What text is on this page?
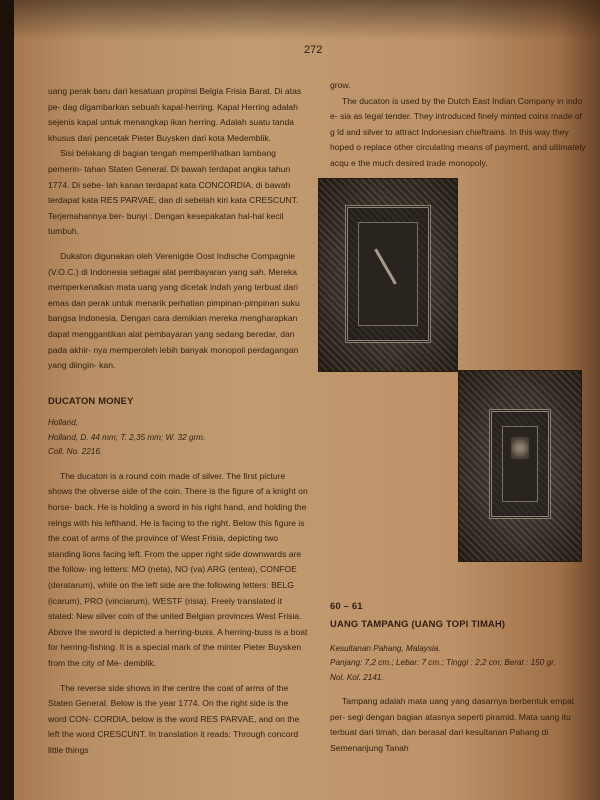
272

uang perak baru dari kesatuan propinsi Belgia Frisia Barat. Di atas pe- dag digambarkan sebuah kapal-herring. Kapal Herring adalah sejenis kapal untuk menangkap ikan herring. Adalah suatu tanda khusus dari pencetak Pieter Buysken dari kota Medemblik.

Sisi belakang di bagian tengah memperlihatkan lambang pemerin- tahan Staten General. Di bawah terdapat angka tahun 1774. Di sebe- lah kanan terdapat kata CONCORDIA, di bawah terdapat kata RES PARVAE, dan di sebelah kiri kata CRESCUNT. Terjemahannya ber- bunyi : Dengan kesepakatan hal-hal kecil tumbuh.

Dukaton digunakan oleh Verenigde Oost Indische Compagnie (V.O.C.) di Indonesia sebagai alat pembayaran yang sah. Mereka memperkenalkan mata uang yang dicetak indah yang terbuat dari emas dan perak untuk menarik perhatian pimpinan-pimpinan suku bangsa Indonesia. Dengan cara demikian mereka mengharapkan dapat menggantikan alat pembayaran yang sedang beredar, dan pada akhir- nya memperoleh lebih banyak monopoli perdagangan yang diingin- kan.

DUCATON MONEY

Holland,

Holland, D. 44 mm; T. 2,35 mm; W. 32 grm.

Coll. No. 2216.

The ducaton is a round coin made of silver. The first picture shows the obverse side of the coin. There is the figure of a knight on horse- back. He is holding a sword in his right hand, and holding the reings with his lefthand. He is facing to the right. Below this figure is the coat of arms of the province of West Frisia, depicting two standing lions facing left. From the upper right side downwards are the follow- ing letters: MO (neta), NO (va) ARG (entea), CONFOE (deratarum), while on the left side are the following letters: BELG (icarum), PRO (vinciarum), WESTF (risia). Freely translated it stated: New silver coin of the united Belgian provinces West Frisia. Above the sword is depicted a herring-buss. A herring-buss is a boat for herring-fishing. It is a special mark of the minter Pieter Buysken from the city of Me- demblik.

The reverse side shows in the centre the coat of arms of the Staten General. Below is the year 1774. On the right side is the word CON- CORDIA, below is the word RES PARVAE, and on the left the word CRESCUNT. In translation it reads: Through concord little things

grow.

The ducaton is used by the Dutch East Indian Company in indo e- sia as legal tender. They introduced finely minted coins made of g ld and silver to attract Indonesian chieftrains. In this way they hoped o replace other circulating means of payment, and ultimately acqu e the much desired trade monopoly.

60 – 61

UANG TAMPANG (UANG TOPI TIMAH)

Kesultanan Pahang, Malaysia.

Panjang: 7,2 cm.; Lebar: 7 cm.; Tinggi : 2,2 cm; Berat : 150 gr.

Nol. Kol. 2141.

Tampang adalah mata uang yang dasarnya berbentuk empat per- segi dengan bagian atasnya seperti piramid. Mata uang itu terbuat dari timah, dan berasal dari kesultanan Pahang di Semenanjung Tanah
